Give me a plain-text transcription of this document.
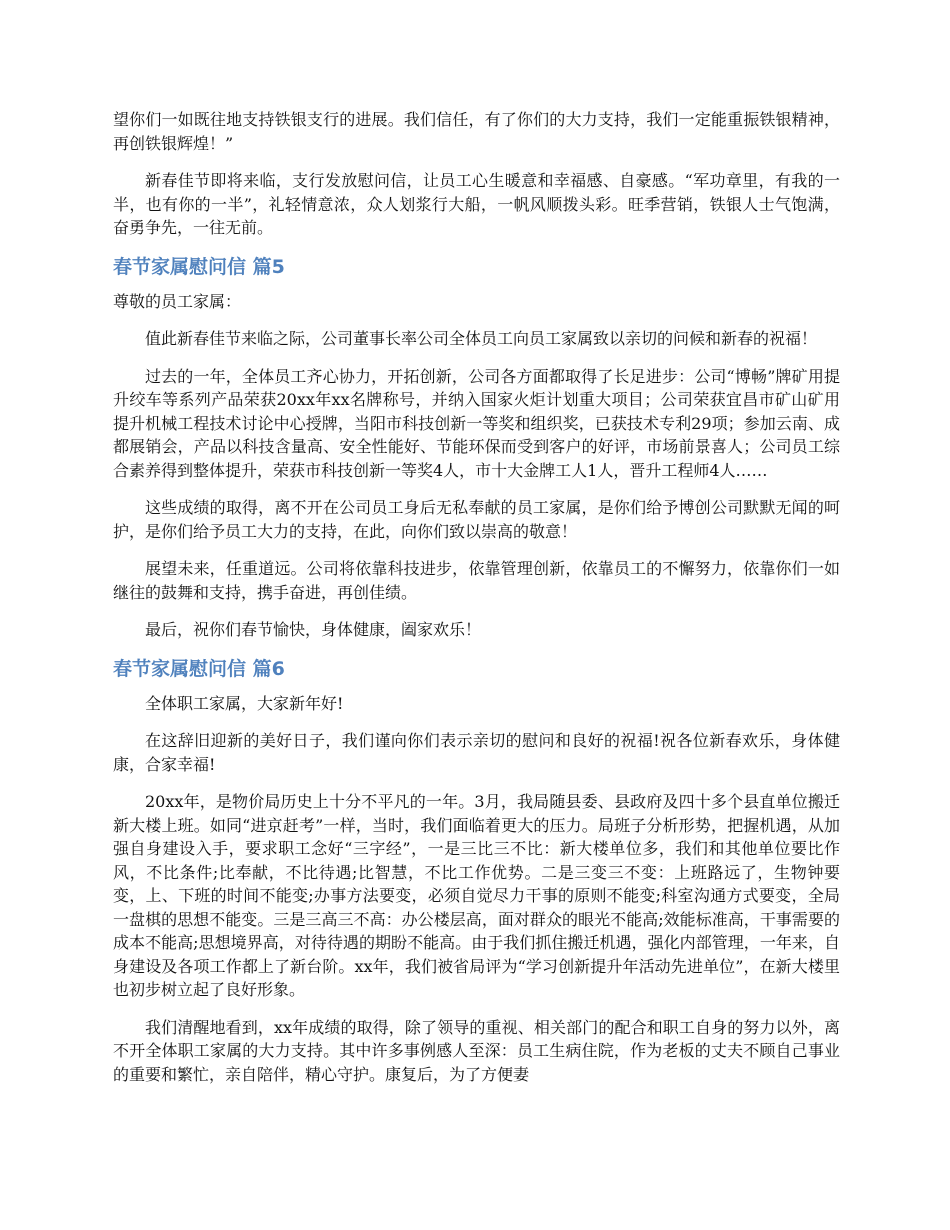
望你们一如既往地支持铁银支行的进展。我们信任，有了你们的大力支持，我们一定能重振铁银精神，再创铁银辉煌！”

新春佳节即将来临，支行发放慰问信，让员工心生暖意和幸福感、自豪感。“军功章里，有我的一半，也有你的一半”，礼轻情意浓，众人划浆行大船，一帆风顺拨头彩。旺季营销，铁银人士气饱满，奋勇争先，一往无前。

春节家属慰问信 篇5

尊敬的员工家属：

值此新春佳节来临之际，公司董事长率公司全体员工向员工家属致以亲切的问候和新春的祝福！

过去的一年，全体员工齐心协力，开拓创新，公司各方面都取得了长足进步：公司“博畅”牌矿用提升绞车等系列产品荣获20xx年xx名牌称号，并纳入国家火炬计划重大项目；公司荣获宜昌市矿山矿用提升机械工程技术讨论中心授牌，当阳市科技创新一等奖和组织奖，已获技术专利29项；参加云南、成都展销会，产品以科技含量高、安全性能好、节能环保而受到客户的好评，市场前景喜人；公司员工综合素养得到整体提升，荣获市科技创新一等奖4人，市十大金牌工人1人，晋升工程师4人……

这些成绩的取得，离不开在公司员工身后无私奉献的员工家属，是你们给予博创公司默默无闻的呵护，是你们给予员工大力的支持，在此，向你们致以崇高的敬意！

展望未来，任重道远。公司将依靠科技进步，依靠管理创新，依靠员工的不懈努力，依靠你们一如继往的鼓舞和支持，携手奋进，再创佳绩。

最后，祝你们春节愉快，身体健康，阖家欢乐！

春节家属慰问信 篇6

全体职工家属，大家新年好!

在这辞旧迎新的美好日子，我们谨向你们表示亲切的慰问和良好的祝福!祝各位新春欢乐，身体健康，合家幸福!

20xx年，是物价局历史上十分不平凡的一年。3月，我局随县委、县政府及四十多个县直单位搬迁新大楼上班。如同“进京赶考”一样，当时，我们面临着更大的压力。局班子分析形势，把握机遇，从加强自身建设入手，要求职工念好“三字经”，一是三比三不比：新大楼单位多，我们和其他单位要比作风，不比条件;比奉献，不比待遇;比智慧，不比工作优势。二是三变三不变：上班路远了，生物钟要变，上、下班的时间不能变;办事方法要变，必须自觉尽力干事的原则不能变;科室沟通方式要变，全局一盘棋的思想不能变。三是三高三不高：办公楼层高，面对群众的眼光不能高;效能标准高，干事需要的成本不能高;思想境界高，对待待遇的期盼不能高。由于我们抓住搬迁机遇，强化内部管理，一年来，自身建设及各项工作都上了新台阶。xx年，我们被省局评为“学习创新提升年活动先进单位”，在新大楼里也初步树立起了良好形象。

我们清醒地看到，xx年成绩的取得，除了领导的重视、相关部门的配合和职工自身的努力以外，离不开全体职工家属的大力支持。其中许多事例感人至深：员工生病住院，作为老板的丈夫不顾自己事业的重要和繁忙，亲自陪伴，精心守护。康复后，为了方便妻
